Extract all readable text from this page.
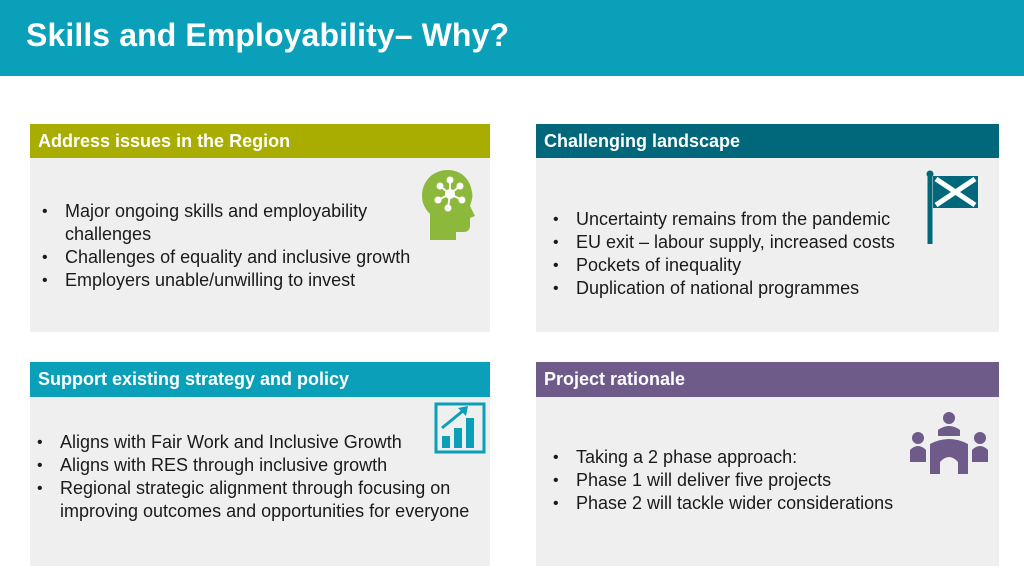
Skills and Employability– Why?
Address issues in the Region
• Major ongoing skills and employability challenges
• Challenges of equality and inclusive growth
• Employers unable/unwilling to invest
Challenging landscape
• Uncertainty remains from the pandemic
• EU exit – labour supply, increased costs
• Pockets of inequality
• Duplication of national programmes
Support existing strategy and policy
• Aligns with Fair Work and Inclusive Growth
• Aligns with RES through inclusive growth
• Regional strategic alignment through focusing on improving outcomes and opportunities for everyone
Project rationale
• Taking a 2 phase approach:
• Phase 1 will deliver five projects
• Phase 2 will tackle wider considerations
